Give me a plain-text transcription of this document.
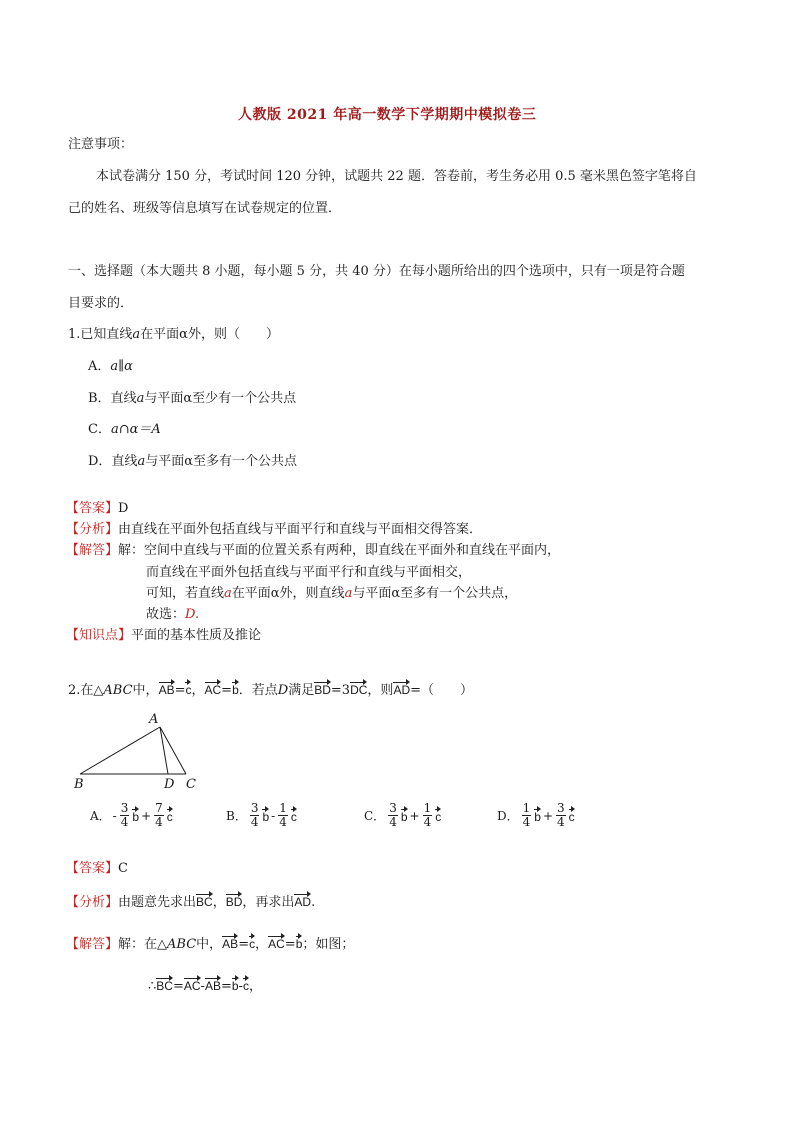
人教版 2021 年高一数学下学期期中模拟卷三
注意事项：
本试卷满分 150 分，考试时间 120 分钟，试题共 22 题．答卷前，考生务必用 0.5 毫米黑色签字笔将自
己的姓名、班级等信息填写在试卷规定的位置．
一、选择题（本大题共 8 小题，每小题 5 分，共 40 分）在每小题所给出的四个选项中，只有一项是符合题
目要求的．
1.已知直线a在平面α外，则（　　）
A．a∥α
B．直线a与平面α至少有一个公共点
C．a∩α＝A
D．直线a与平面α至多有一个公共点
【答案】D
【分析】由直线在平面外包括直线与平面平行和直线与平面相交得答案．
【解答】解：空间中直线与平面的位置关系有两种，即直线在平面外和直线在平面内，
而直线在平面外包括直线与平面平行和直线与平面相交，
可知，若直线a在平面α外，则直线a与平面α至多有一个公共点，
故选：D.
【知识点】平面的基本性质及推论
2.在△ABC中，AB=c，AC=b．若点D满足BD=3DC，则AD=（　　）
A
B	D C
A． - $\frac{3}{4}$ $b + \frac{7}{4}$ c	B． $\frac{3}{4}$ b - $\frac{1}{4}$ c	C． $\frac{3}{4}$ $b + \frac{1}{4}$ c	D． $\frac{1}{4}$ $b + \frac{3}{4}$ c
【答案】C
【分析】由题意先求出BC，BD，再求出AD.
【解答】解：在△ABC中，AB=c，AC=b；如图；
∴BC=AC-AB=b-c，
